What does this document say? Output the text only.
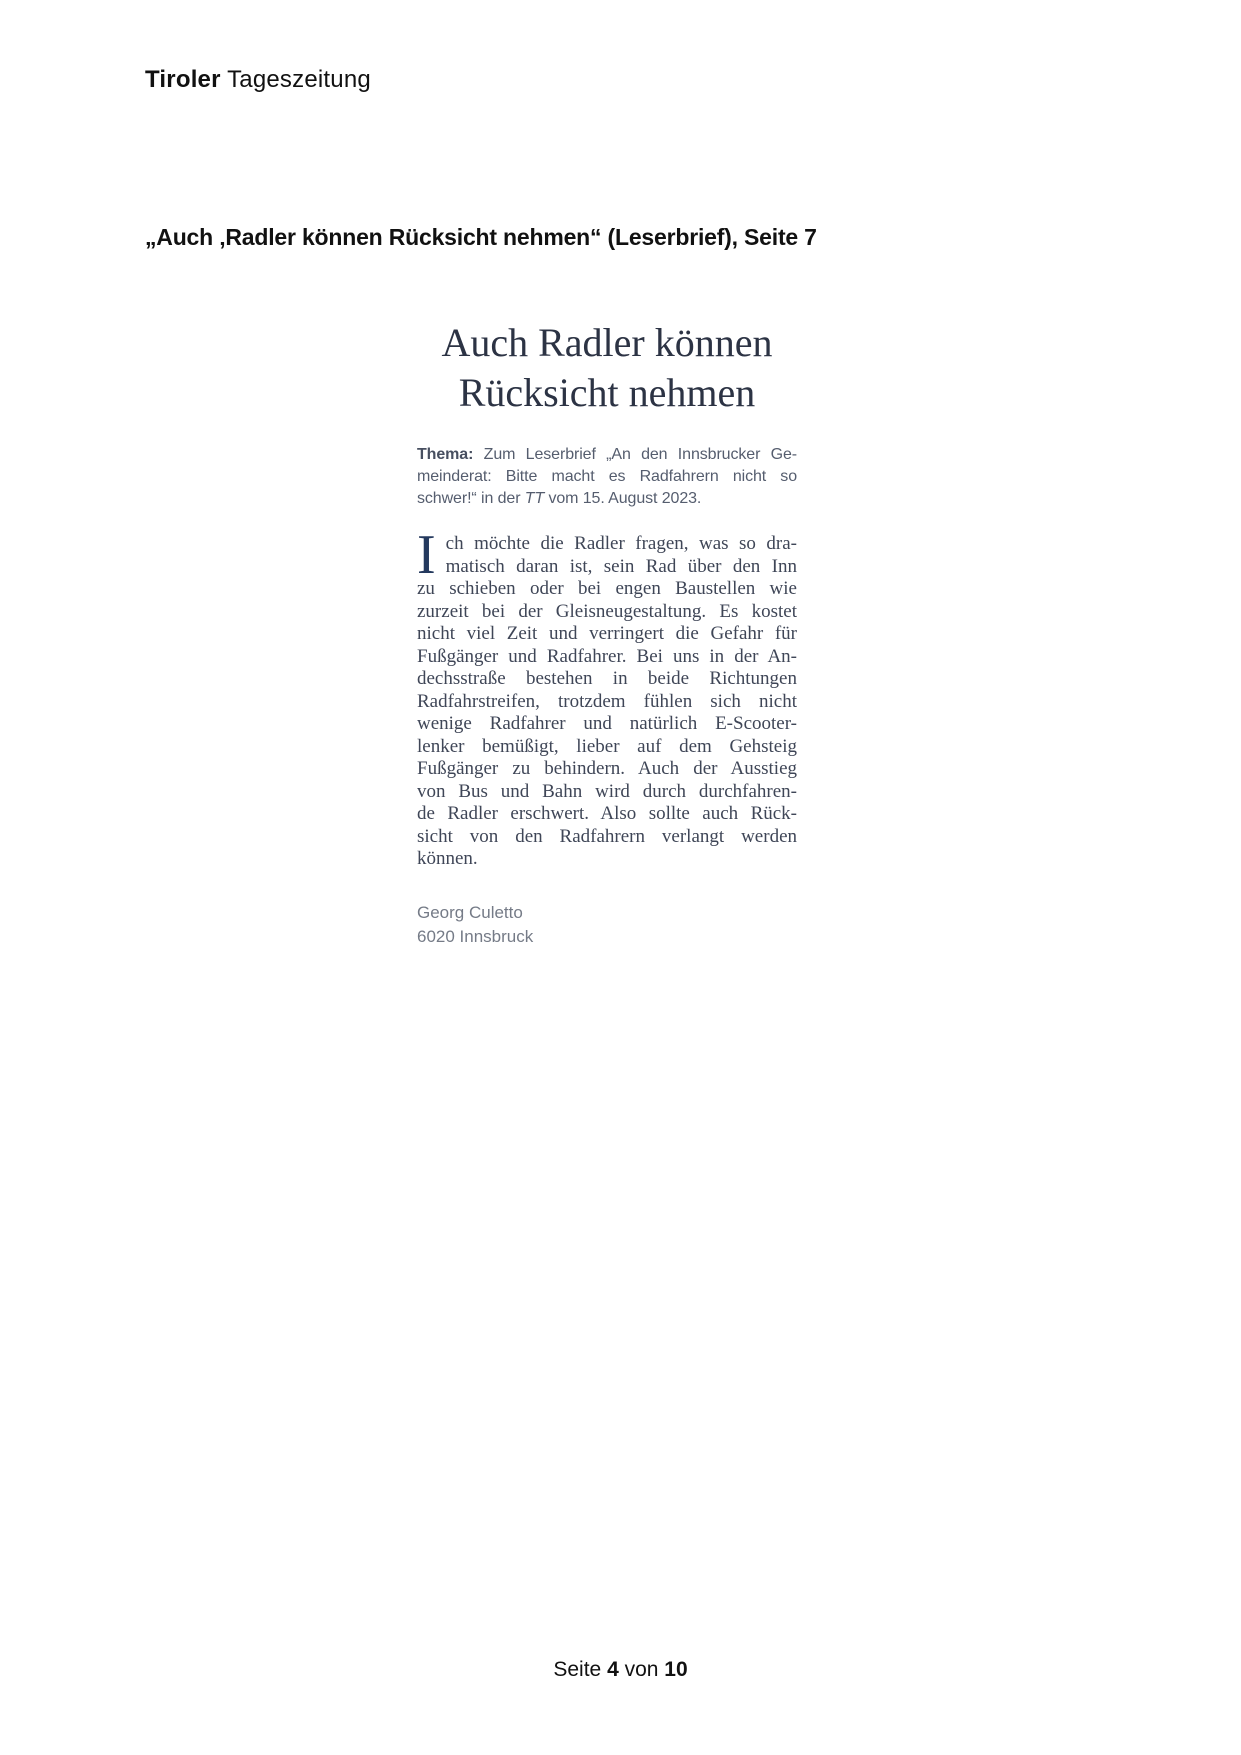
Tiroler Tageszeitung
„Auch ‚Radler können Rücksicht nehmen“ (Leserbrief), Seite 7
Auch Radler können
Rücksicht nehmen
Thema: Zum Leserbrief „An den Innsbrucker Ge-
meinderat: Bitte macht es Radfahrern nicht so
schwer!“ in der TT vom 15. August 2023.
I ch möchte die Radler fragen, was so dra-
matisch daran ist, sein Rad über den Inn
zu schieben oder bei engen Baustellen wie
zurzeit bei der Gleisneugestaltung. Es kostet
nicht viel Zeit und verringert die Gefahr für
Fußgänger und Radfahrer. Bei uns in der An-
dechsstraße bestehen in beide Richtungen
Radfahrstreifen, trotzdem fühlen sich nicht
wenige Radfahrer und natürlich E-Scooter-
lenker bemüßigt, lieber auf dem Gehsteig
Fußgänger zu behindern. Auch der Ausstieg
von Bus und Bahn wird durch durchfahren-
de Radler erschwert. Also sollte auch Rück-
sicht von den Radfahrern verlangt werden
können.
Georg Culetto
6020 Innsbruck
Seite 4 von 10
